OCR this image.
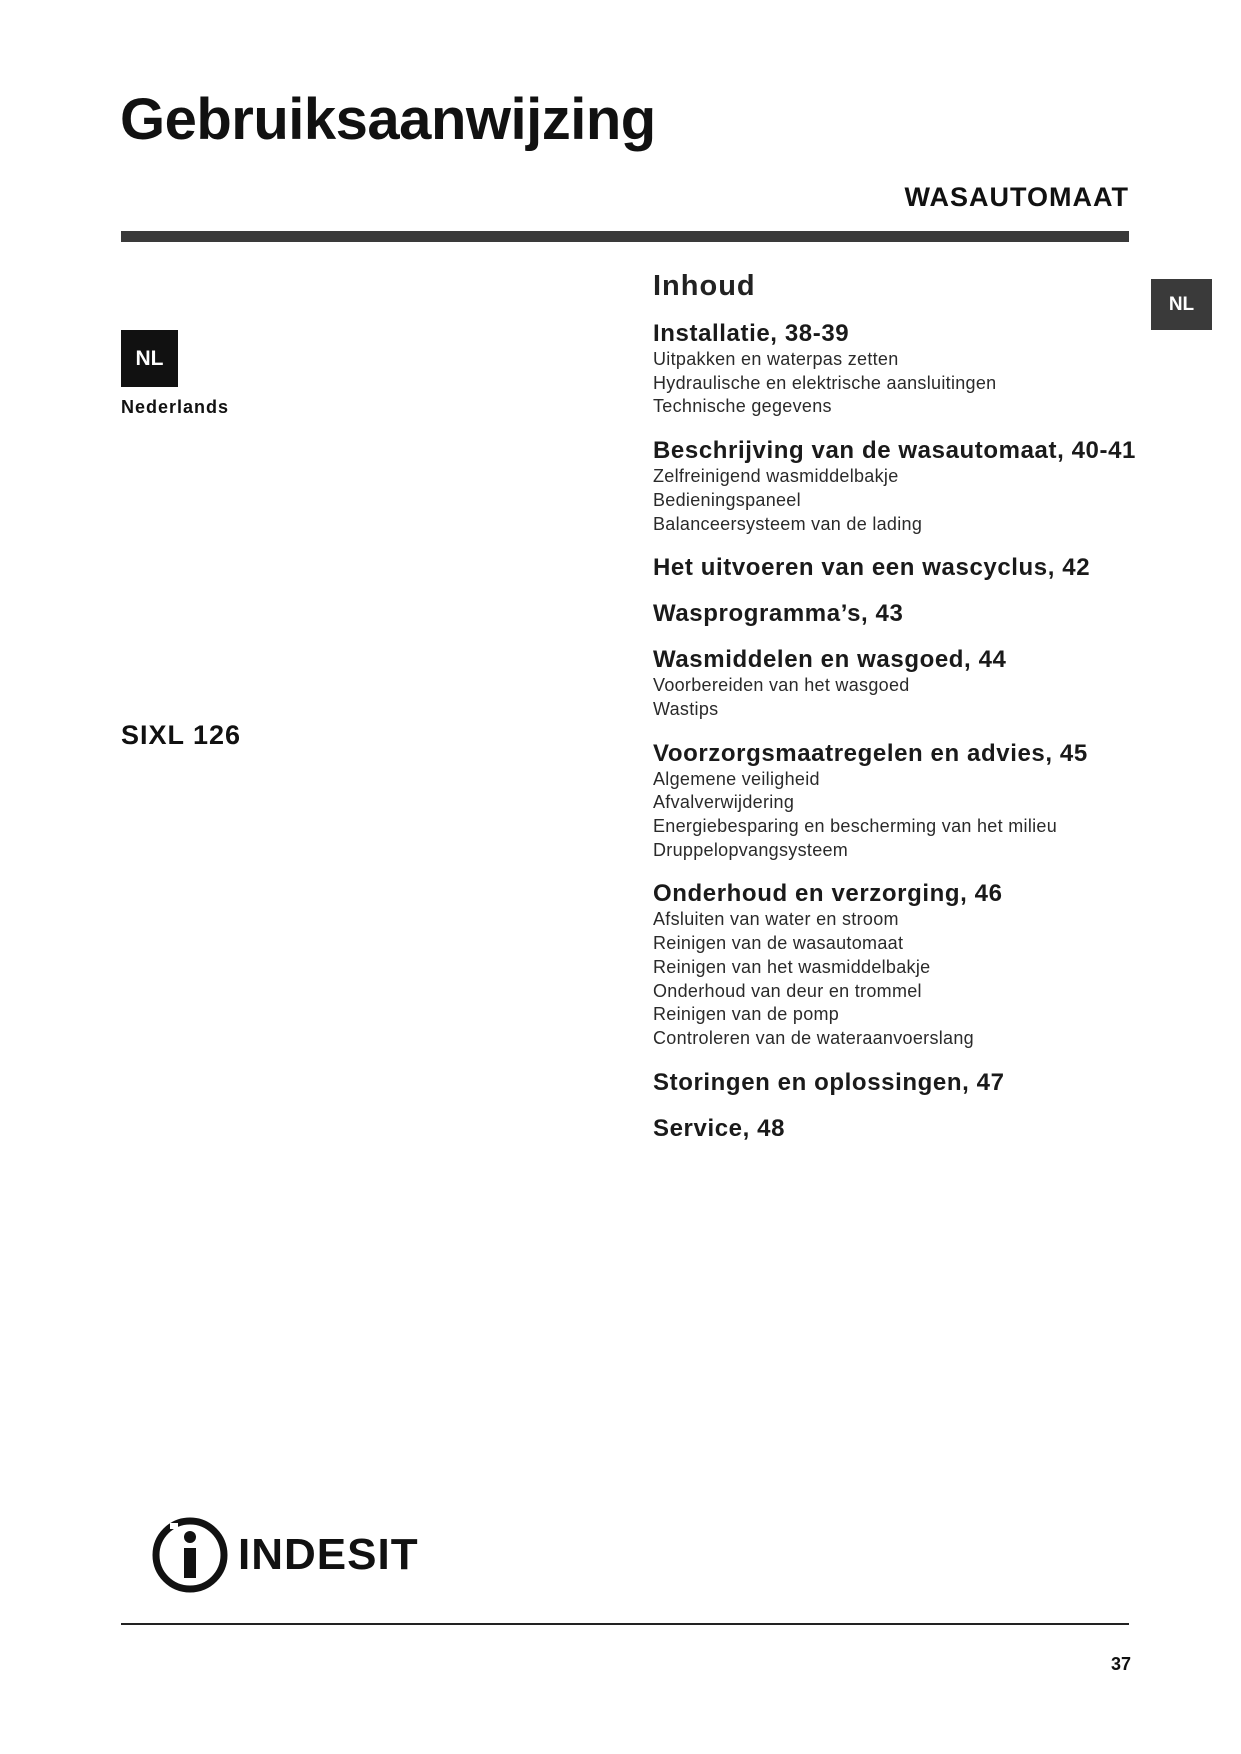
Gebruiksaanwijzing
WASAUTOMAAT
NL
NL
Nederlands
SIXL 126
Inhoud
Installatie, 38-39
Uitpakken en waterpas zetten
Hydraulische en elektrische aansluitingen
Technische gegevens
Beschrijving van de wasautomaat, 40-41
Zelfreinigend wasmiddelbakje
Bedieningspaneel
Balanceersysteem van de lading
Het uitvoeren van een wascyclus, 42
Wasprogramma’s, 43
Wasmiddelen en wasgoed, 44
Voorbereiden van het wasgoed
Wastips
Voorzorgsmaatregelen en advies, 45
Algemene veiligheid
Afvalverwijdering
Energiebesparing en bescherming van het milieu
Druppelopvangsysteem
Onderhoud en verzorging, 46
Afsluiten van water en stroom
Reinigen van de wasautomaat
Reinigen van het wasmiddelbakje
Onderhoud van deur en trommel
Reinigen van de pomp
Controleren van de wateraanvoerslang
Storingen en oplossingen, 47
Service, 48
INDESIT
37
